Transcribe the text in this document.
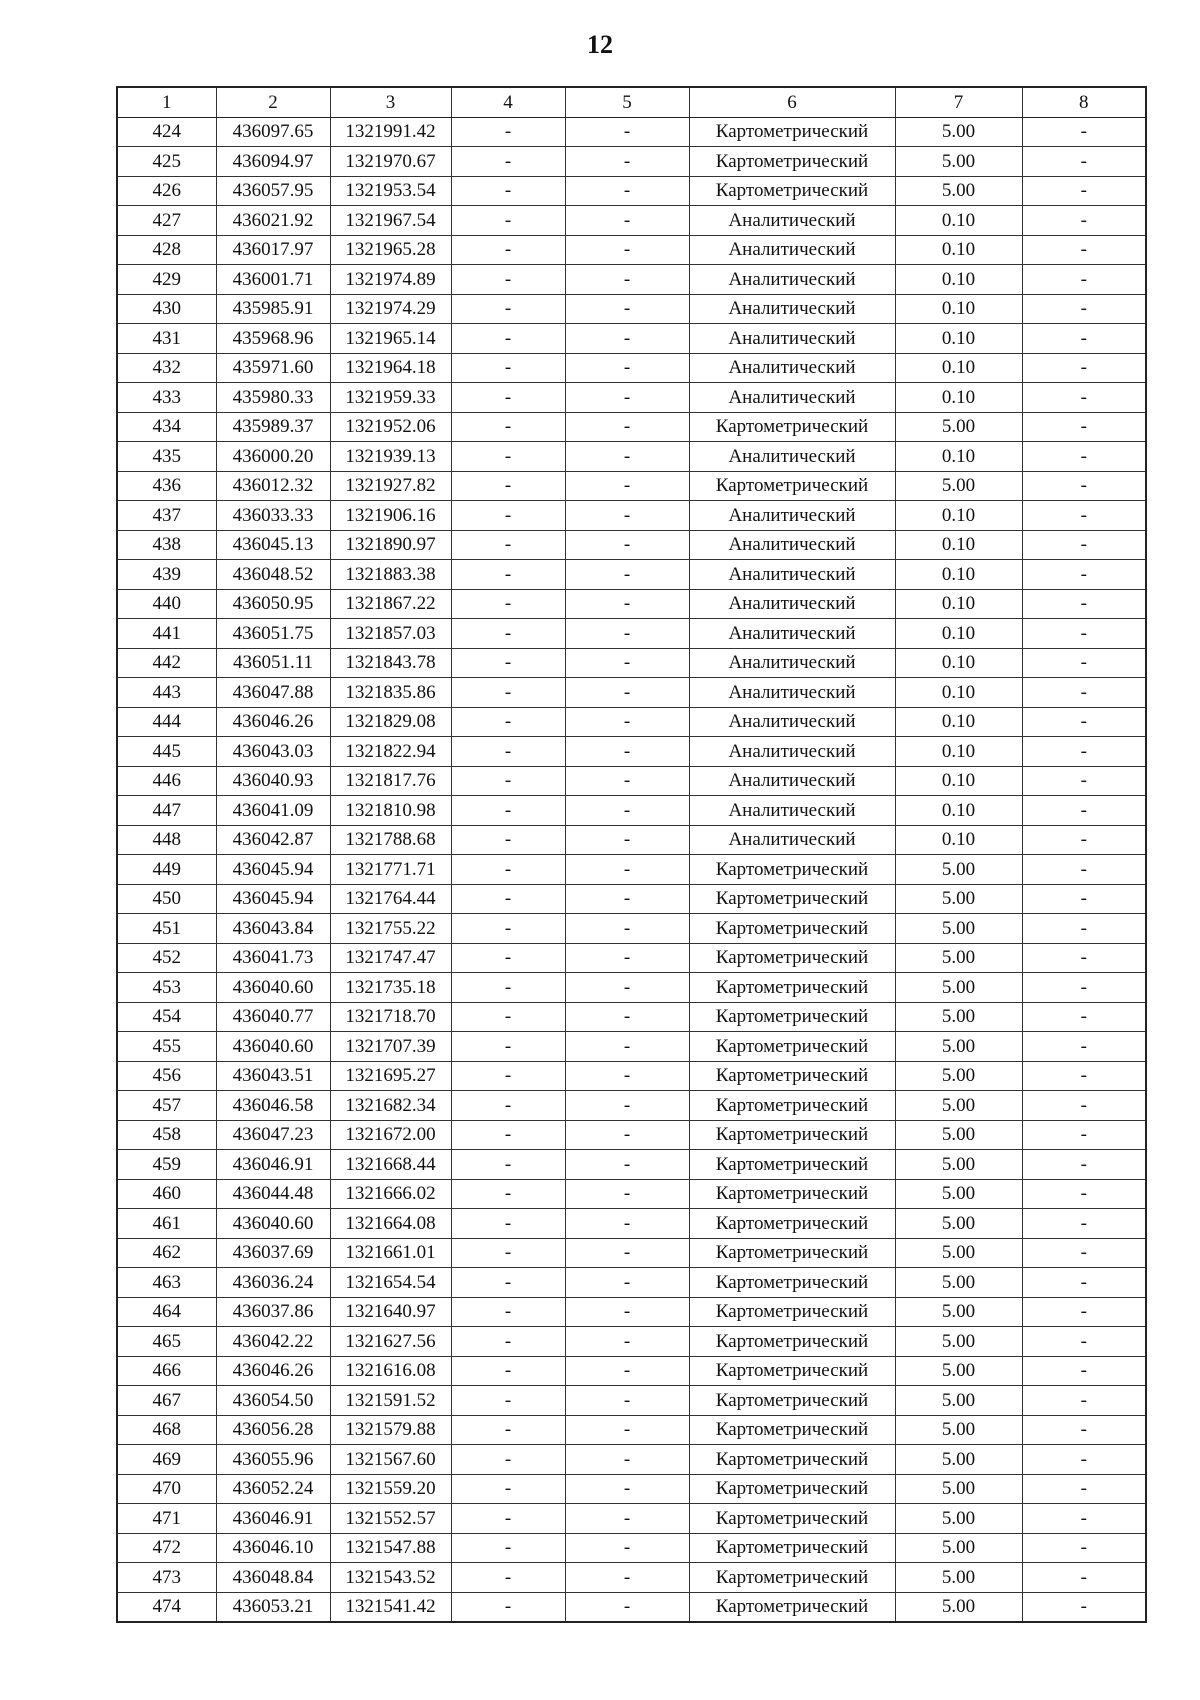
12
1	2	3	4	5	6	7	8
424	436097.65	1321991.42	-	-	Картометрический	5.00	-
425	436094.97	1321970.67	-	-	Картометрический	5.00	-
426	436057.95	1321953.54	-	-	Картометрический	5.00	-
427	436021.92	1321967.54	-	-	Аналитический	0.10	-
428	436017.97	1321965.28	-	-	Аналитический	0.10	-
429	436001.71	1321974.89	-	-	Аналитический	0.10	-
430	435985.91	1321974.29	-	-	Аналитический	0.10	-
431	435968.96	1321965.14	-	-	Аналитический	0.10	-
432	435971.60	1321964.18	-	-	Аналитический	0.10	-
433	435980.33	1321959.33	-	-	Аналитический	0.10	-
434	435989.37	1321952.06	-	-	Картометрический	5.00	-
435	436000.20	1321939.13	-	-	Аналитический	0.10	-
436	436012.32	1321927.82	-	-	Картометрический	5.00	-
437	436033.33	1321906.16	-	-	Аналитический	0.10	-
438	436045.13	1321890.97	-	-	Аналитический	0.10	-
439	436048.52	1321883.38	-	-	Аналитический	0.10	-
440	436050.95	1321867.22	-	-	Аналитический	0.10	-
441	436051.75	1321857.03	-	-	Аналитический	0.10	-
442	436051.11	1321843.78	-	-	Аналитический	0.10	-
443	436047.88	1321835.86	-	-	Аналитический	0.10	-
444	436046.26	1321829.08	-	-	Аналитический	0.10	-
445	436043.03	1321822.94	-	-	Аналитический	0.10	-
446	436040.93	1321817.76	-	-	Аналитический	0.10	-
447	436041.09	1321810.98	-	-	Аналитический	0.10	-
448	436042.87	1321788.68	-	-	Аналитический	0.10	-
449	436045.94	1321771.71	-	-	Картометрический	5.00	-
450	436045.94	1321764.44	-	-	Картометрический	5.00	-
451	436043.84	1321755.22	-	-	Картометрический	5.00	-
452	436041.73	1321747.47	-	-	Картометрический	5.00	-
453	436040.60	1321735.18	-	-	Картометрический	5.00	-
454	436040.77	1321718.70	-	-	Картометрический	5.00	-
455	436040.60	1321707.39	-	-	Картометрический	5.00	-
456	436043.51	1321695.27	-	-	Картометрический	5.00	-
457	436046.58	1321682.34	-	-	Картометрический	5.00	-
458	436047.23	1321672.00	-	-	Картометрический	5.00	-
459	436046.91	1321668.44	-	-	Картометрический	5.00	-
460	436044.48	1321666.02	-	-	Картометрический	5.00	-
461	436040.60	1321664.08	-	-	Картометрический	5.00	-
462	436037.69	1321661.01	-	-	Картометрический	5.00	-
463	436036.24	1321654.54	-	-	Картометрический	5.00	-
464	436037.86	1321640.97	-	-	Картометрический	5.00	-
465	436042.22	1321627.56	-	-	Картометрический	5.00	-
466	436046.26	1321616.08	-	-	Картометрический	5.00	-
467	436054.50	1321591.52	-	-	Картометрический	5.00	-
468	436056.28	1321579.88	-	-	Картометрический	5.00	-
469	436055.96	1321567.60	-	-	Картометрический	5.00	-
470	436052.24	1321559.20	-	-	Картометрический	5.00	-
471	436046.91	1321552.57	-	-	Картометрический	5.00	-
472	436046.10	1321547.88	-	-	Картометрический	5.00	-
473	436048.84	1321543.52	-	-	Картометрический	5.00	-
474	436053.21	1321541.42	-	-	Картометрический	5.00	-
